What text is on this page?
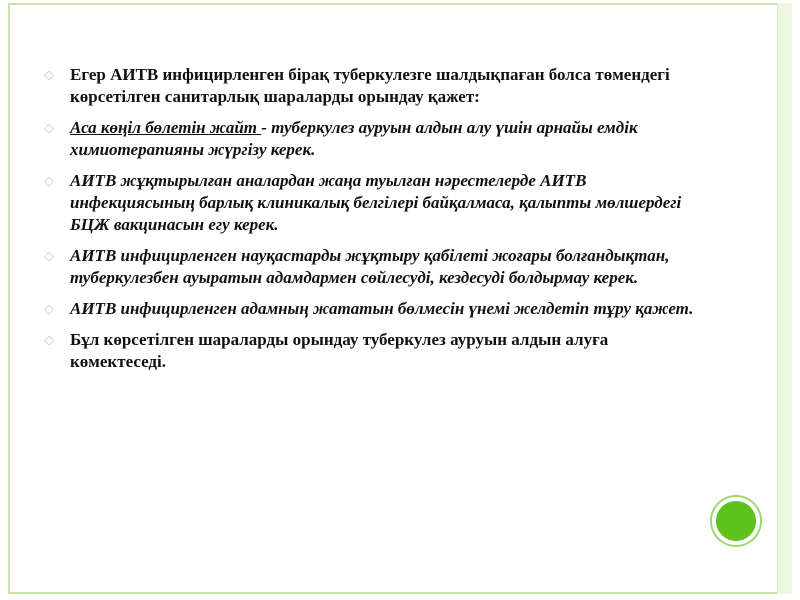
◇ Егер АИТВ инфицирленген бірақ туберкулезге шалдықпаған болса төмендегі көрсетілген санитарлық шараларды орындау қажет:
◇ Аса көңіл бөлетін жайт - туберкулез ауруын алдын алу үшін арнайы емдік химиотерапияны жүргізу керек.
◇ АИТВ жұқтырылған аналардан жаңа туылған нәрестелерде АИТВ инфекциясының барлық клиникалық белгілері байқалмаса, қалыпты мөлшердегі БЦЖ вакцинасын егу керек.
◇ АИТВ инфицирленген науқастарды жұқтыру қабілеті жоғары болғандықтан, туберкулезбен ауыратын адамдармен сөйлесуді, кездесуді болдырмау керек.
◇ АИТВ инфицирленген адамның жататын бөлмесін үнемі желдетіп тұру қажет.
◇ Бұл көрсетілген шараларды орындау туберкулез ауруын алдын алуға көмектеседі.
